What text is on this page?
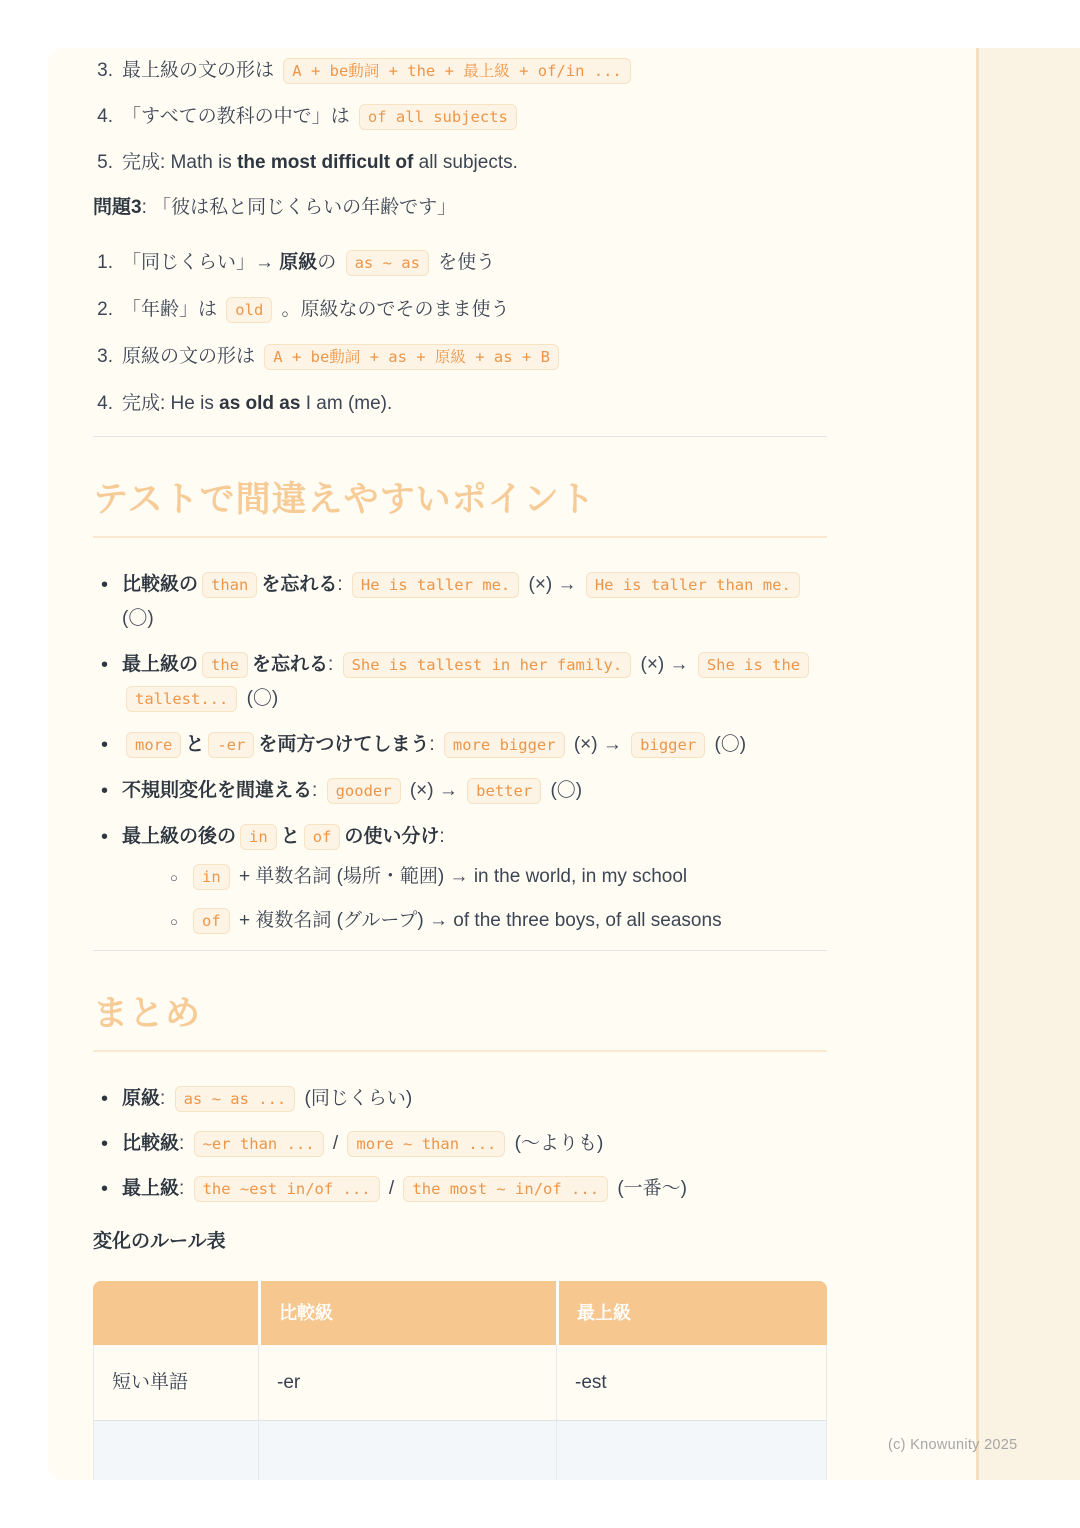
3. 最上級の文の形は A + be動詞 + the + 最上級 + of/in ...
4. 「すべての教科の中で」は of all subjects
5. 完成: Math is the most difficult of all subjects.

問題3: 「彼は私と同じくらいの年齢です」

1. 「同じくらい」→ 原級の as ~ as を使う
2. 「年齢」は old 。原級なのでそのまま使う
3. 原級の文の形は A + be動詞 + as + 原級 + as + B
4. 完成: He is as old as I am (me).
テストで間違えやすいポイント
• 比較級の than を忘れる: He is taller me. (×) → He is taller than me. (〇)
• 最上級の the を忘れる: She is tallest in her family. (×) → She is the tallest... (〇)
• more と -er を両方つけてしまう: more bigger (×) → bigger (〇)
• 不規則変化を間違える: gooder (×) → better (〇)
• 最上級の後の in と of の使い分け:
○ in + 単数名詞 (場所・範囲) → in the world, in my school
○ of + 複数名詞 (グループ) → of the three boys, of all seasons
まとめ
• 原級: as ~ as ... (同じくらい)
• 比較級: ~er than ... / more ~ than ... (〜よりも)
• 最上級: the ~est in/of ... / the most ~ in/of ... (一番〜)

変化のルール表

	比較級	最上級
短い単語	-er	-est

(c) Knowunity 2025
